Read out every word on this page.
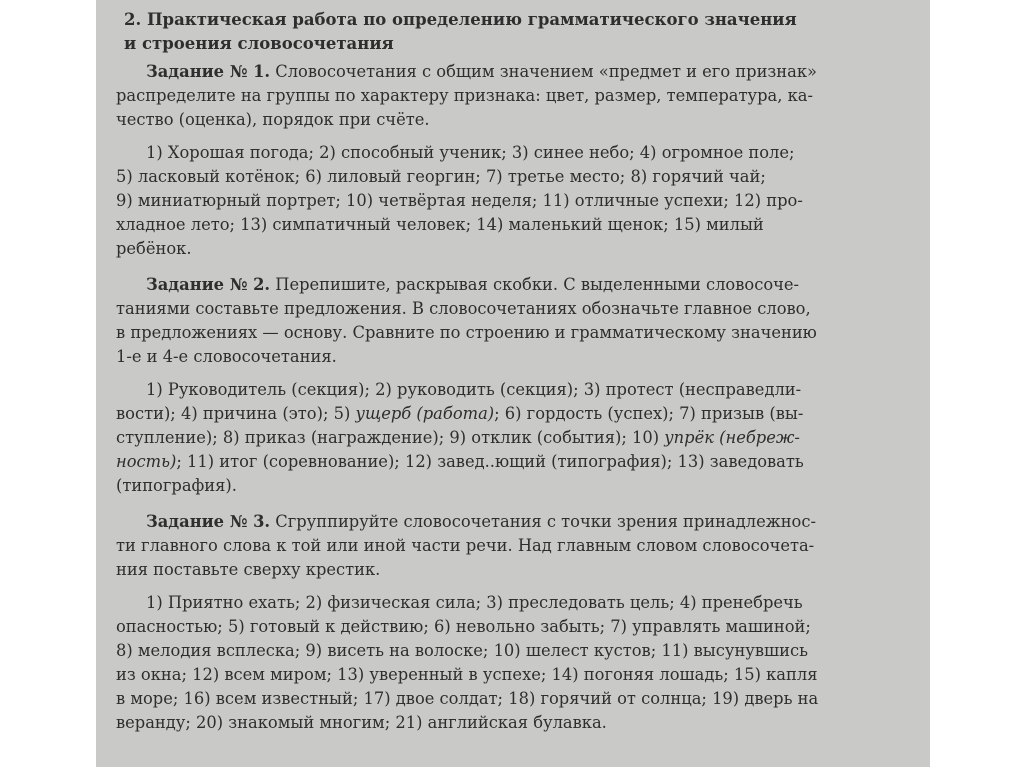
2. Практическая работа по определению грамматического значения
и строения словосочетания
Задание № 1. Словосочетания с общим значением «предмет и его признак»
распределите на группы по характеру признака: цвет, размер, температура, ка-
чество (оценка), порядок при счёте.
1) Хорошая погода; 2) способный ученик; 3) синее небо; 4) огромное поле;
5) ласковый котёнок; 6) лиловый георгин; 7) третье место; 8) горячий чай;
9) миниатюрный портрет; 10) четвёртая неделя; 11) отличные успехи; 12) про-
хладное лето; 13) симпатичный человек; 14) маленький щенок; 15) милый
ребёнок.
Задание № 2. Перепишите, раскрывая скобки. С выделенными словосоче-
таниями составьте предложения. В словосочетаниях обозначьте главное слово,
в предложениях — основу. Сравните по строению и грамматическому значению
1-е и 4-е словосочетания.
1) Руководитель (секция); 2) руководить (секция); 3) протест (несправедли-
вости); 4) причина (это); 5) ущерб (работа); 6) гордость (успех); 7) призыв (вы-
ступление); 8) приказ (награждение); 9) отклик (события); 10) упрёк (небреж-
ность); 11) итог (соревнование); 12) завед..ющий (типография); 13) заведовать
(типография).
Задание № 3. Сгруппируйте словосочетания с точки зрения принадлежнос-
ти главного слова к той или иной части речи. Над главным словом словосочета-
ния поставьте сверху крестик.
1) Приятно ехать; 2) физическая сила; 3) преследовать цель; 4) пренебречь
опасностью; 5) готовый к действию; 6) невольно забыть; 7) управлять машиной;
8) мелодия всплеска; 9) висеть на волоске; 10) шелест кустов; 11) высунувшись
из окна; 12) всем миром; 13) уверенный в успехе; 14) погоняя лошадь; 15) капля
в море; 16) всем известный; 17) двое солдат; 18) горячий от солнца; 19) дверь на
веранду; 20) знакомый многим; 21) английская булавка.
